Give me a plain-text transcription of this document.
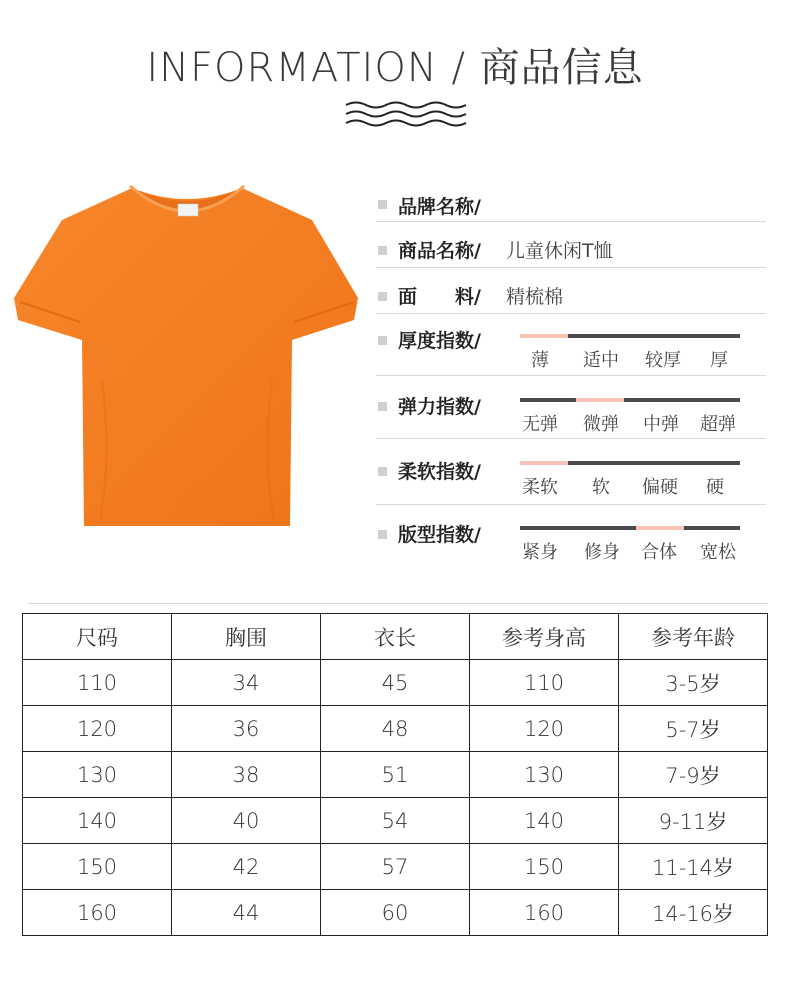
INFORMATION / 商品信息
品牌名称/
商品名称/ 儿童休闲T恤
面　　料/ 精梳棉
厚度指数/
薄 适中 较厚 厚
弹力指数/
无弹 微弹 中弹 超弹
柔软指数/
柔软 软 偏硬 硬
版型指数/
紧身 修身 合体 宽松
尺码	胸围	衣长	参考身高	参考年龄
110	34	45	110	3-5岁
120	36	48	120	5-7岁
130	38	51	130	7-9岁
140	40	54	140	9-11岁
150	42	57	150	11-14岁
160	44	60	160	14-16岁
